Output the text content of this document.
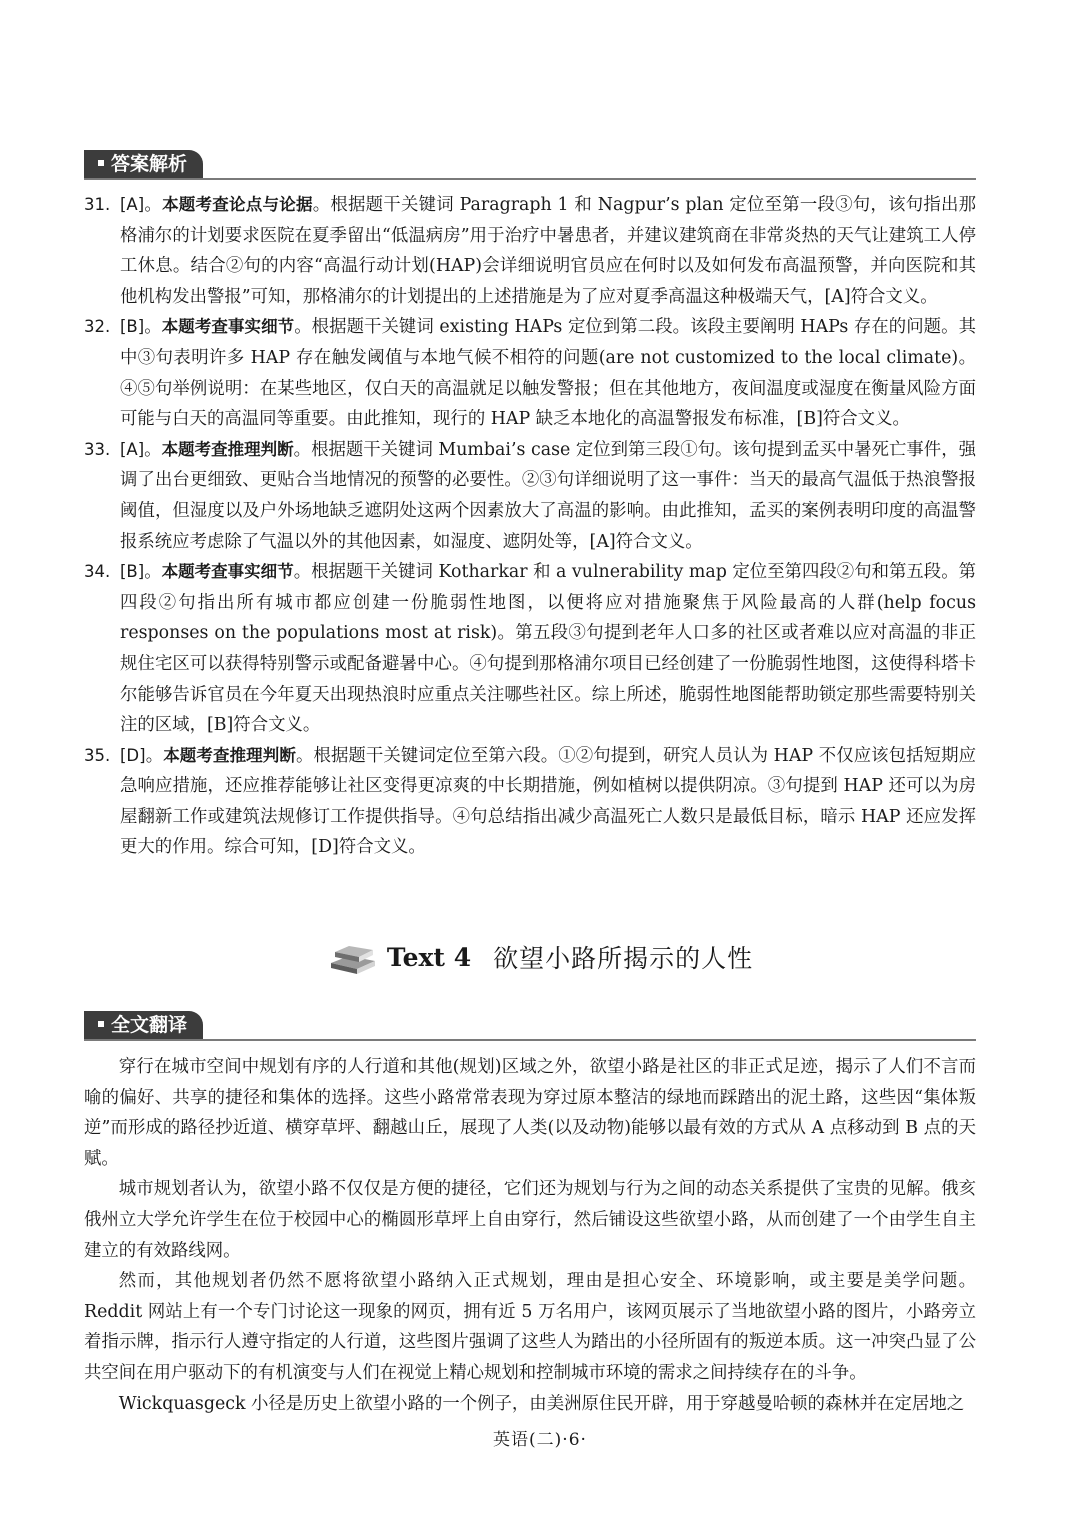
答案解析
31. [A]。本题考查论点与论据。根据题干关键词 Paragraph 1 和 Nagpur’s plan 定位至第一段③句，该句指出那格浦尔的计划要求医院在夏季留出“低温病房”用于治疗中暑患者，并建议建筑商在非常炎热的天气让建筑工人停工休息。结合②句的内容“高温行动计划(HAP)会详细说明官员应在何时以及如何发布高温预警，并向医院和其他机构发出警报”可知，那格浦尔的计划提出的上述措施是为了应对夏季高温这种极端天气，[A]符合文义。
32. [B]。本题考查事实细节。根据题干关键词 existing HAPs 定位到第二段。该段主要阐明 HAPs 存在的问题。其中③句表明许多 HAP 存在触发阈值与本地气候不相符的问题(are not customized to the local climate)。④⑤句举例说明：在某些地区，仅白天的高温就足以触发警报；但在其他地方，夜间温度或湿度在衡量风险方面可能与白天的高温同等重要。由此推知，现行的 HAP 缺乏本地化的高温警报发布标准，[B]符合文义。
33. [A]。本题考查推理判断。根据题干关键词 Mumbai’s case 定位到第三段①句。该句提到孟买中暑死亡事件，强调了出台更细致、更贴合当地情况的预警的必要性。②③句详细说明了这一事件：当天的最高气温低于热浪警报阈值，但湿度以及户外场地缺乏遮阴处这两个因素放大了高温的影响。由此推知，孟买的案例表明印度的高温警报系统应考虑除了气温以外的其他因素，如湿度、遮阴处等，[A]符合文义。
34. [B]。本题考查事实细节。根据题干关键词 Kotharkar 和 a vulnerability map 定位至第四段②句和第五段。第四段②句指出所有城市都应创建一份脆弱性地图，以便将应对措施聚焦于风险最高的人群(help focus responses on the populations most at risk)。第五段③句提到老年人口多的社区或者难以应对高温的非正规住宅区可以获得特别警示或配备避暑中心。④句提到那格浦尔项目已经创建了一份脆弱性地图，这使得科塔卡尔能够告诉官员在今年夏天出现热浪时应重点关注哪些社区。综上所述，脆弱性地图能帮助锁定那些需要特别关注的区域，[B]符合文义。
35. [D]。本题考查推理判断。根据题干关键词定位至第六段。①②句提到，研究人员认为 HAP 不仅应该包括短期应急响应措施，还应推荐能够让社区变得更凉爽的中长期措施，例如植树以提供阴凉。③句提到 HAP 还可以为房屋翻新工作或建筑法规修订工作提供指导。④句总结指出减少高温死亡人数只是最低目标，暗示 HAP 还应发挥更大的作用。综合可知，[D]符合文义。
Text 4 欲望小路所揭示的人性
全文翻译

穿行在城市空间中规划有序的人行道和其他(规划)区域之外，欲望小路是社区的非正式足迹，揭示了人们不言而喻的偏好、共享的捷径和集体的选择。这些小路常常表现为穿过原本整洁的绿地而踩踏出的泥土路，这些因“集体叛逆”而形成的路径抄近道、横穿草坪、翻越山丘，展现了人类(以及动物)能够以最有效的方式从 A 点移动到 B 点的天赋。

城市规划者认为，欲望小路不仅仅是方便的捷径，它们还为规划与行为之间的动态关系提供了宝贵的见解。俄亥俄州立大学允许学生在位于校园中心的椭圆形草坪上自由穿行，然后铺设这些欲望小路，从而创建了一个由学生自主建立的有效路线网。

然而，其他规划者仍然不愿将欲望小路纳入正式规划，理由是担心安全、环境影响，或主要是美学问题。Reddit 网站上有一个专门讨论这一现象的网页，拥有近 5 万名用户，该网页展示了当地欲望小路的图片，小路旁立着指示牌，指示行人遵守指定的人行道，这些图片强调了这些人为踏出的小径所固有的叛逆本质。这一冲突凸显了公共空间在用户驱动下的有机演变与人们在视觉上精心规划和控制城市环境的需求之间持续存在的斗争。

Wickquasgeck 小径是历史上欲望小路的一个例子，由美洲原住民开辟，用于穿越曼哈顿的森林并在定居地之

英语(二)·6·
